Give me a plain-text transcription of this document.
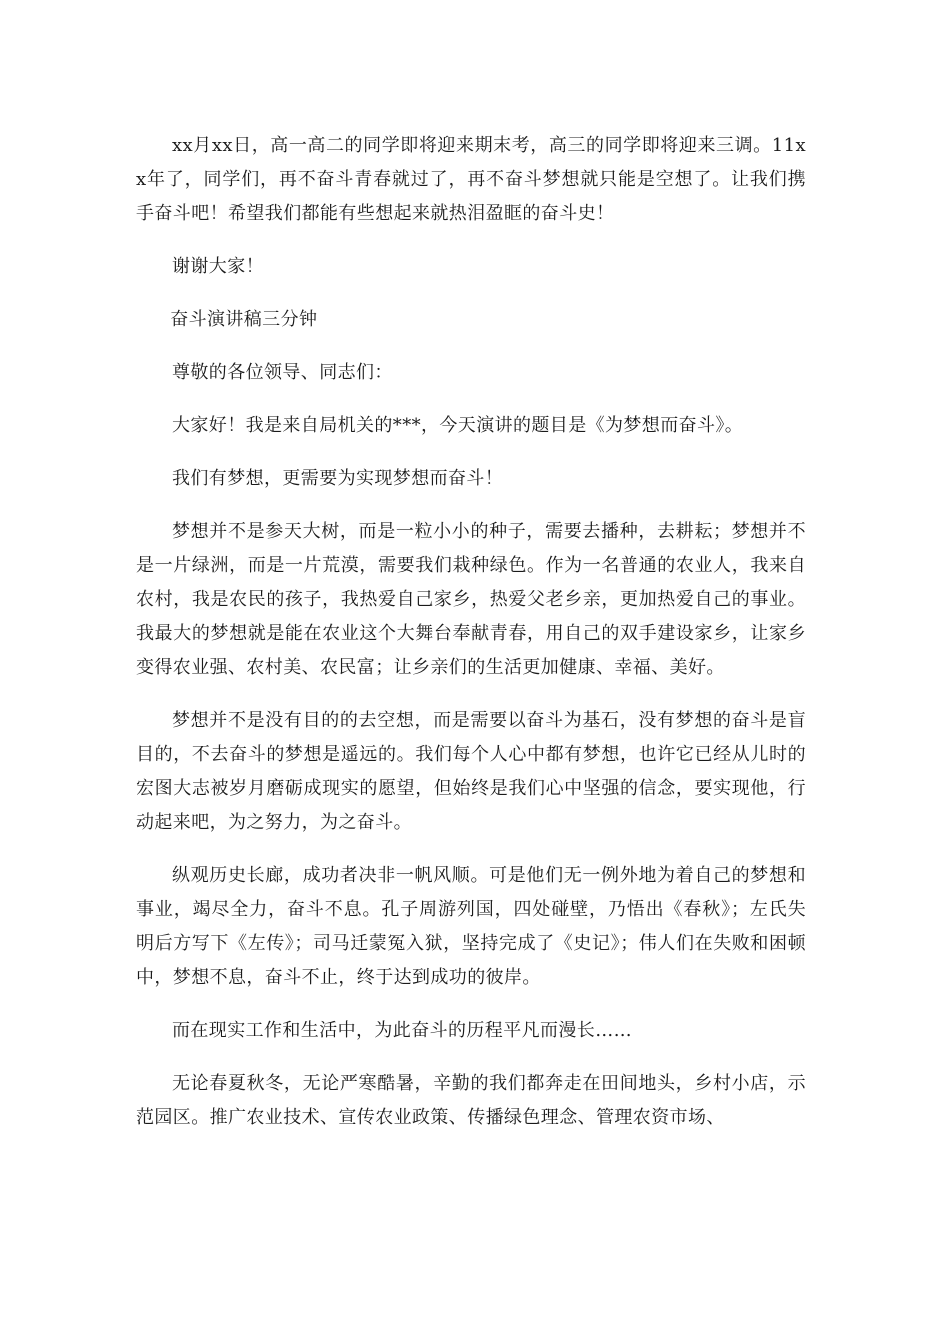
xx月xx日，高一高二的同学即将迎来期末考，高三的同学即将迎来三调。11xx年了，同学们，再不奋斗青春就过了，再不奋斗梦想就只能是空想了。让我们携手奋斗吧！希望我们都能有些想起来就热泪盈眶的奋斗史！

谢谢大家！

奋斗演讲稿三分钟

尊敬的各位领导、同志们：

大家好！我是来自局机关的***，今天演讲的题目是《为梦想而奋斗》。

我们有梦想，更需要为实现梦想而奋斗！

梦想并不是参天大树，而是一粒小小的种子，需要去播种，去耕耘；梦想并不是一片绿洲，而是一片荒漠，需要我们栽种绿色。作为一名普通的农业人，我来自农村，我是农民的孩子，我热爱自己家乡，热爱父老乡亲，更加热爱自己的事业。我最大的梦想就是能在农业这个大舞台奉献青春，用自己的双手建设家乡，让家乡变得农业强、农村美、农民富；让乡亲们的生活更加健康、幸福、美好。

梦想并不是没有目的的去空想，而是需要以奋斗为基石，没有梦想的奋斗是盲目的，不去奋斗的梦想是遥远的。我们每个人心中都有梦想，也许它已经从儿时的宏图大志被岁月磨砺成现实的愿望，但始终是我们心中坚强的信念，要实现他，行动起来吧，为之努力，为之奋斗。

纵观历史长廊，成功者决非一帆风顺。可是他们无一例外地为着自己的梦想和事业，竭尽全力，奋斗不息。孔子周游列国，四处碰壁，乃悟出《春秋》；左氏失明后方写下《左传》；司马迁蒙冤入狱，坚持完成了《史记》；伟人们在失败和困顿中，梦想不息，奋斗不止，终于达到成功的彼岸。

而在现实工作和生活中，为此奋斗的历程平凡而漫长……

无论春夏秋冬，无论严寒酷暑，辛勤的我们都奔走在田间地头，乡村小店，示范园区。推广农业技术、宣传农业政策、传播绿色理念、管理农资市场、
